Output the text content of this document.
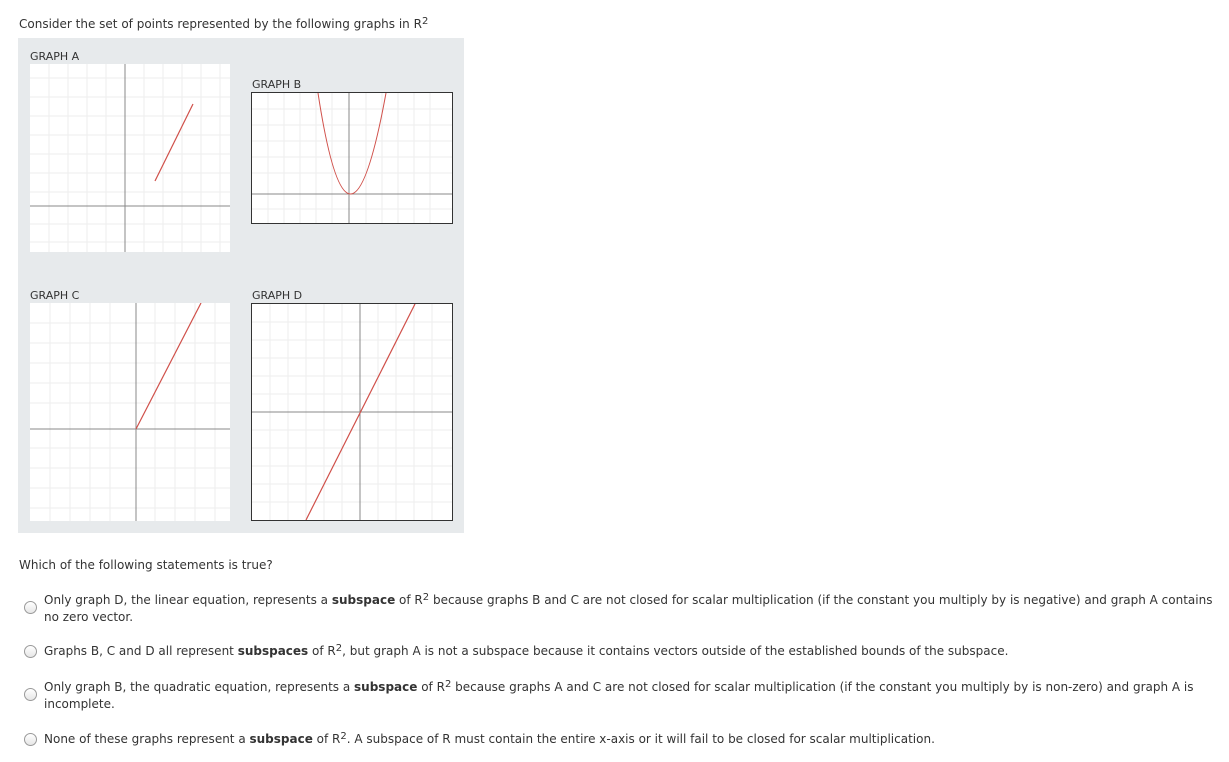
Consider the set of points represented by the following graphs in $R^2$
GRAPH A
GRAPH B
GRAPH C	GRAPH D
Which of the following statements is true?
Only graph D, the linear equation, represents a subspace of $R^2$ because graphs B and C are not closed for scalar multiplication (if the constant you multiply by is negative) and graph A contains no zero vector.
Graphs B, C and D all represent subspaces of $R^2$, but graph A is not a subspace because it contains vectors outside of the established bounds of the subspace.
Only graph B, the quadratic equation, represents a subspace of $R^2$ because graphs A and C are not closed for scalar multiplication (if the constant you multiply by is non-zero) and graph A is incomplete.
None of these graphs represent a subspace of $R^2$. A subspace of R must contain the entire x-axis or it will fail to be closed for scalar multiplication.
